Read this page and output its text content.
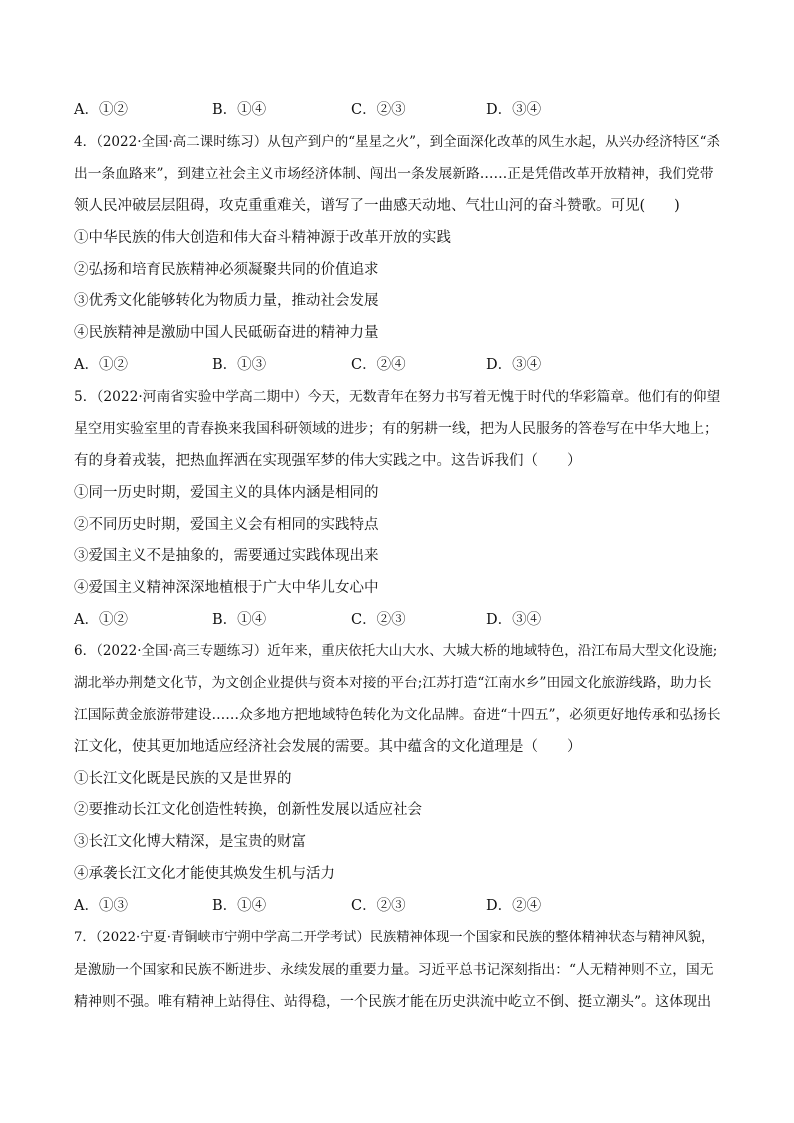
A．①②	B．①④	C．②③	D．③④
4．（2022·全国·高二课时练习）从包产到户的“星星之火”，到全面深化改革的风生水起，从兴办经济特区“杀
出一条血路来”，到建立社会主义市场经济体制、闯出一条发展新路……正是凭借改革开放精神，我们党带
领人民冲破层层阻碍，攻克重重难关，谱写了一曲感天动地、气壮山河的奋斗赞歌。可见(　　)
①中华民族的伟大创造和伟大奋斗精神源于改革开放的实践
②弘扬和培育民族精神必须凝聚共同的价值追求
③优秀文化能够转化为物质力量，推动社会发展
④民族精神是激励中国人民砥砺奋进的精神力量
A．①②	B．①③	C．②④	D．③④
5．（2022·河南省实验中学高二期中）今天，无数青年在努力书写着无愧于时代的华彩篇章。他们有的仰望
星空用实验室里的青春换来我国科研领域的进步；有的躬耕一线，把为人民服务的答卷写在中华大地上；
有的身着戎装，把热血挥洒在实现强军梦的伟大实践之中。这告诉我们（　　）
①同一历史时期，爱国主义的具体内涵是相同的
②不同历史时期，爱国主义会有相同的实践特点
③爱国主义不是抽象的，需要通过实践体现出来
④爱国主义精神深深地植根于广大中华儿女心中
A．①②	B．①④	C．②③	D．③④
6．（2022·全国·高三专题练习）近年来，重庆依托大山大水、大城大桥的地域特色，沿江布局大型文化设施;
湖北举办荆楚文化节，为文创企业提供与资本对接的平台;江苏打造“江南水乡”田园文化旅游线路，助力长
江国际黄金旅游带建设……众多地方把地域特色转化为文化品牌。奋进“十四五”，必须更好地传承和弘扬长
江文化，使其更加地适应经济社会发展的需要。其中蕴含的文化道理是（　　）
①长江文化既是民族的又是世界的
②要推动长江文化创造性转换，创新性发展以适应社会
③长江文化博大精深，是宝贵的财富
④承袭长江文化才能使其焕发生机与活力
A．①③	B．①④	C．②③	D．②④
7．（2022·宁夏·青铜峡市宁朔中学高二开学考试）民族精神体现一个国家和民族的整体精神状态与精神风貌，
是激励一个国家和民族不断进步、永续发展的重要力量。习近平总书记深刻指出：“人无精神则不立，国无
精神则不强。唯有精神上站得住、站得稳，一个民族才能在历史洪流中屹立不倒、挺立潮头”。这体现出
